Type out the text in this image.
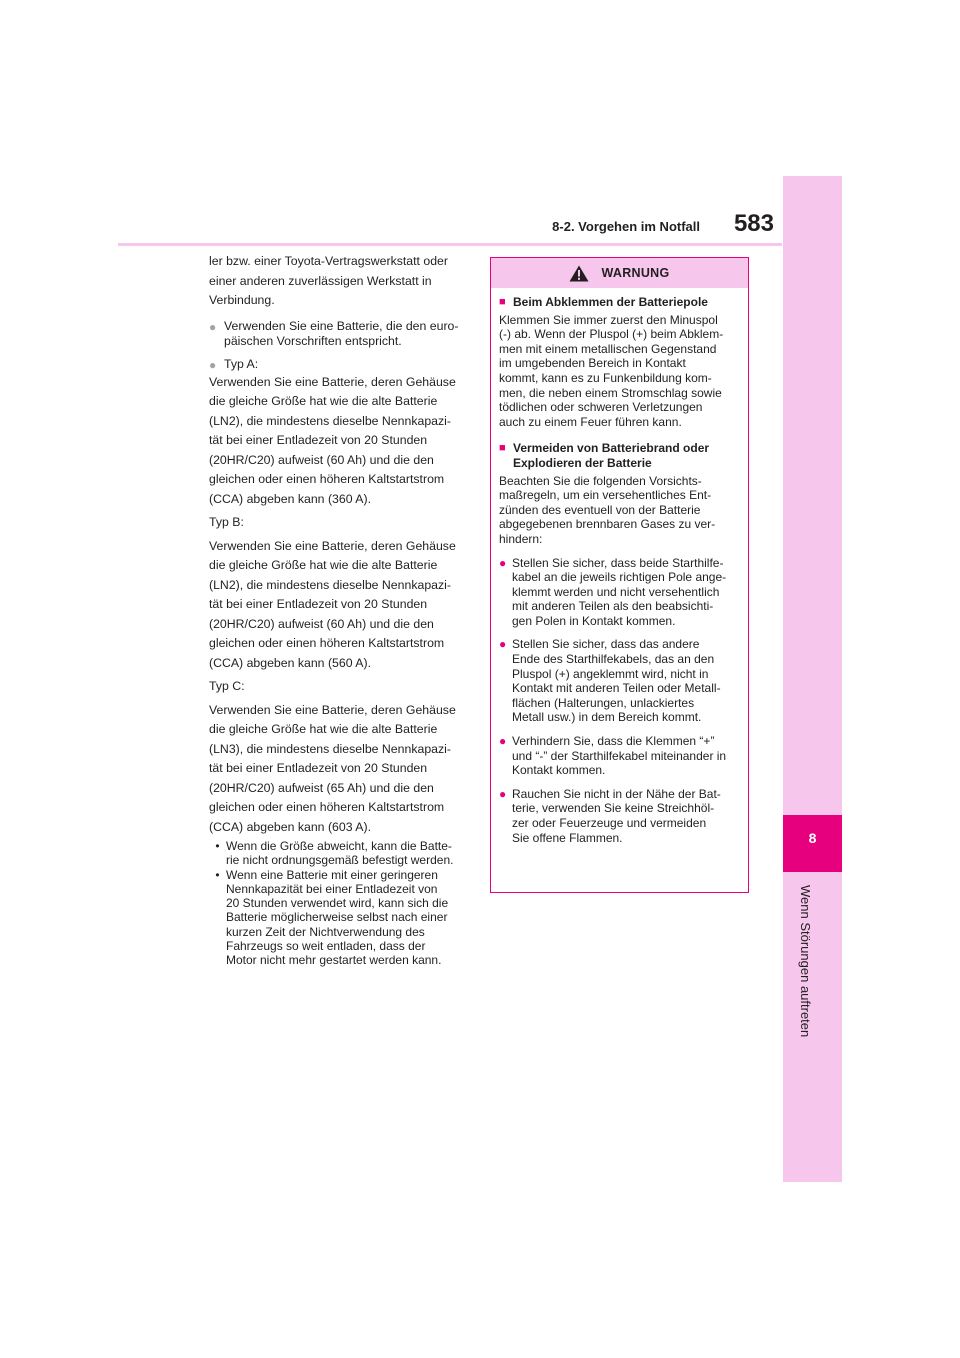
8-2. Vorgehen im Notfall	583
8
Wenn Störungen auftreten

ler bzw. einer Toyota-Vertragswerkstatt oder

einer anderen zuverlässigen Werkstatt in

Verbindung.

● Verwenden Sie eine Batterie, die den euro-
päischen Vorschriften entspricht.
● Typ A:

Verwenden Sie eine Batterie, deren Gehäuse

die gleiche Größe hat wie die alte Batterie

(LN2), die mindestens dieselbe Nennkapazi-

tät bei einer Entladezeit von 20 Stunden

(20HR/C20) aufweist (60 Ah) und die den

gleichen oder einen höheren Kaltstartstrom

(CCA) abgeben kann (360 A).

Typ B:

Verwenden Sie eine Batterie, deren Gehäuse

die gleiche Größe hat wie die alte Batterie

(LN2), die mindestens dieselbe Nennkapazi-

tät bei einer Entladezeit von 20 Stunden

(20HR/C20) aufweist (60 Ah) und die den

gleichen oder einen höheren Kaltstartstrom

(CCA) abgeben kann (560 A).

Typ C:

Verwenden Sie eine Batterie, deren Gehäuse

die gleiche Größe hat wie die alte Batterie

(LN3), die mindestens dieselbe Nennkapazi-

tät bei einer Entladezeit von 20 Stunden

(20HR/C20) aufweist (65 Ah) und die den

gleichen oder einen höheren Kaltstartstrom

(CCA) abgeben kann (603 A).

• Wenn die Größe abweicht, kann die Batte-
rie nicht ordnungsgemäß befestigt werden.
• Wenn eine Batterie mit einer geringeren
Nennkapazität bei einer Entladezeit von
20 Stunden verwendet wird, kann sich die
Batterie möglicherweise selbst nach einer
kurzen Zeit der Nichtverwendung des
Fahrzeugs so weit entladen, dass der
Motor nicht mehr gestartet werden kann.
WARNUNG
■ Beim Abklemmen der Batteriepole
Klemmen Sie immer zuerst den Minuspol
(-) ab. Wenn der Pluspol (+) beim Abklem-
men mit einem metallischen Gegenstand
im umgebenden Bereich in Kontakt
kommt, kann es zu Funkenbildung kom-
men, die neben einem Stromschlag sowie
tödlichen oder schweren Verletzungen
auch zu einem Feuer führen kann.
■ Vermeiden von Batteriebrand oder
Explodieren der Batterie
Beachten Sie die folgenden Vorsichts-
maßregeln, um ein versehentliches Ent-
zünden des eventuell von der Batterie
abgegebenen brennbaren Gases zu ver-
hindern:
● Stellen Sie sicher, dass beide Starthilfe-
kabel an die jeweils richtigen Pole ange-
klemmt werden und nicht versehentlich
mit anderen Teilen als den beabsichti-
gen Polen in Kontakt kommen.
● Stellen Sie sicher, dass das andere
Ende des Starthilfekabels, das an den
Pluspol (+) angeklemmt wird, nicht in
Kontakt mit anderen Teilen oder Metall-
flächen (Halterungen, unlackiertes
Metall usw.) in dem Bereich kommt.
● Verhindern Sie, dass die Klemmen “+”
und “-” der Starthilfekabel miteinander in
Kontakt kommen.
● Rauchen Sie nicht in der Nähe der Bat-
terie, verwenden Sie keine Streichhöl-
zer oder Feuerzeuge und vermeiden
Sie offene Flammen.
